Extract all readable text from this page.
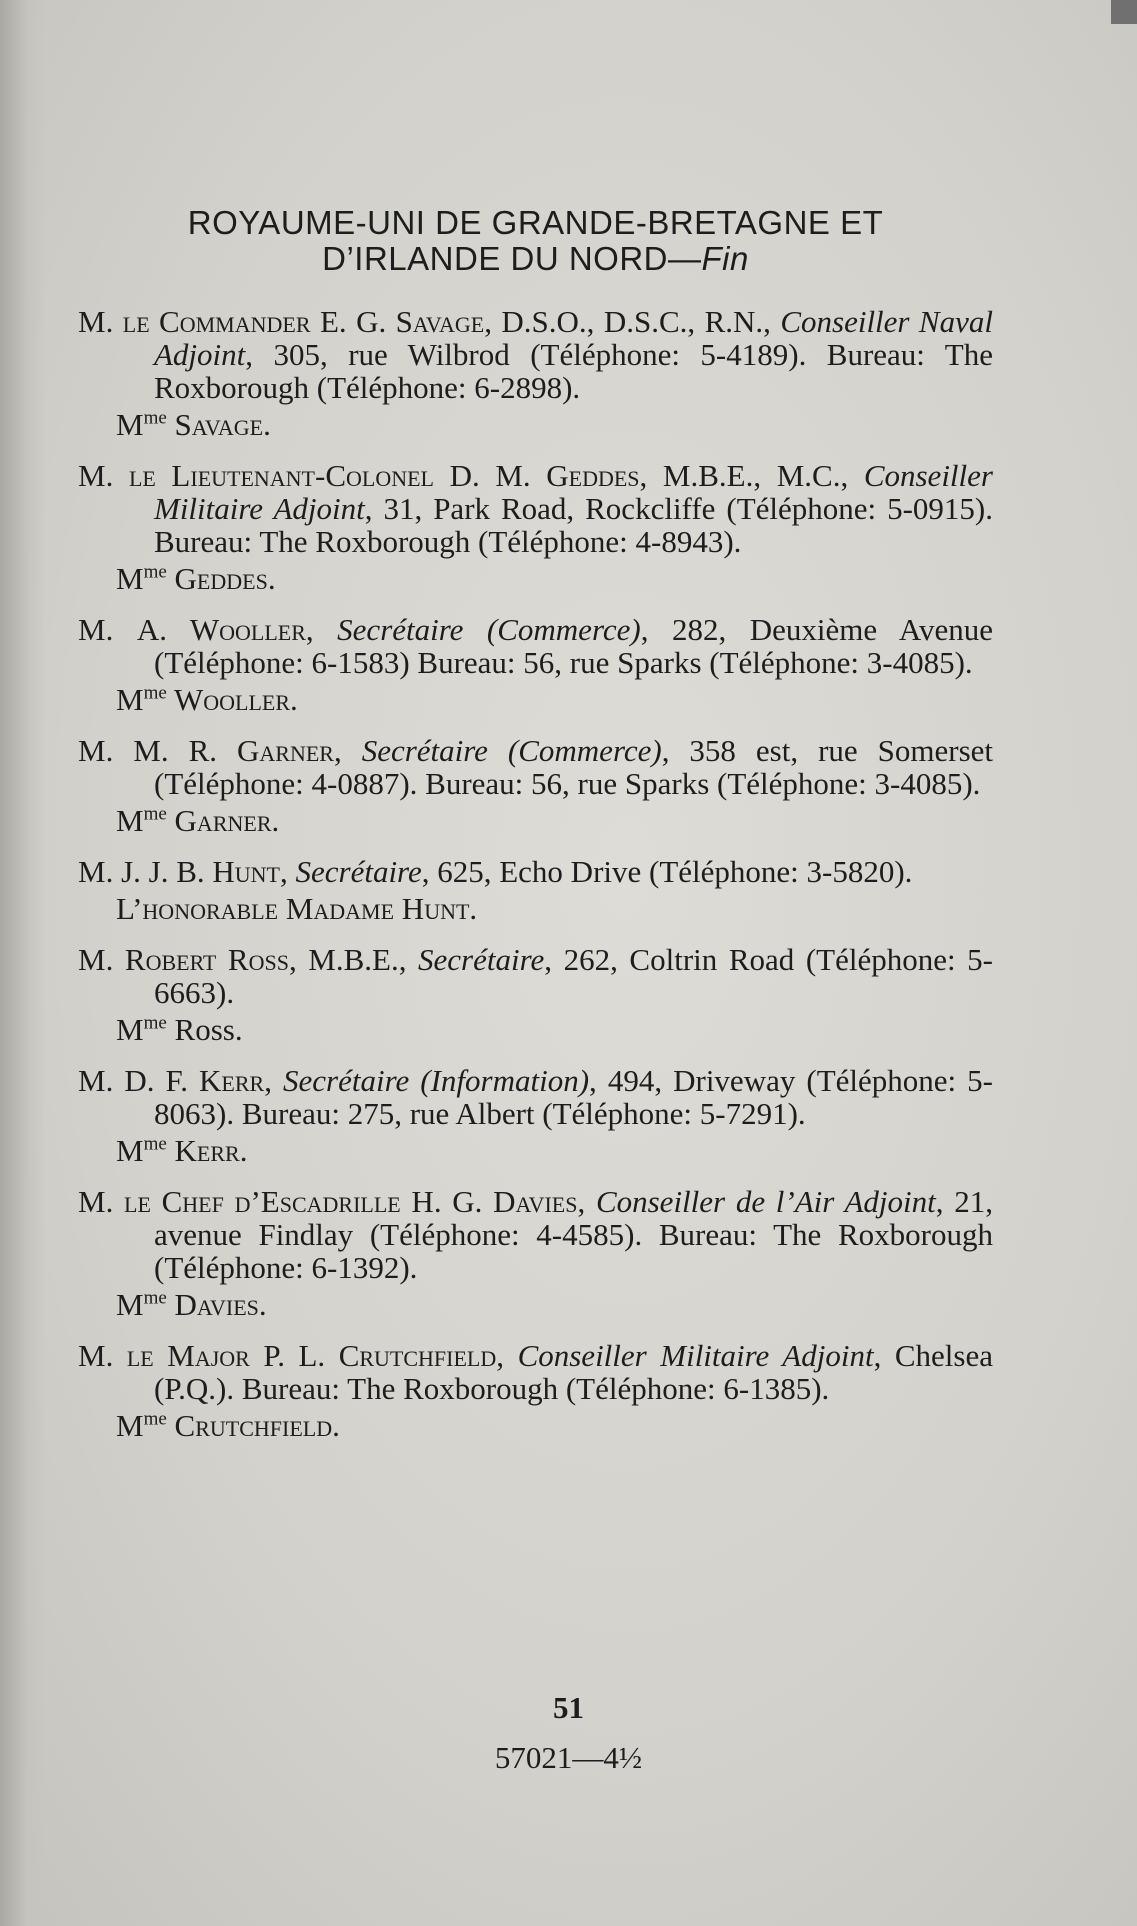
ROYAUME-UNI DE GRANDE-BRETAGNE ET
D’IRLANDE DU NORD—Fin
M. le Commander E. G. Savage, D.S.O., D.S.C., R.N., Conseiller Naval Adjoint, 305, rue Wilbrod (Téléphone: 5-4189). Bureau: The Roxborough (Téléphone: 6-2898).
$M^{me}$ Savage.
M. le Lieutenant-Colonel D. M. Geddes, M.B.E., M.C., Conseiller Militaire Adjoint, 31, Park Road, Rockcliffe (Téléphone: 5-0915). Bureau: The Roxborough (Téléphone: 4-8943).
$M^{me}$ Geddes.
M. A. Wooller, Secrétaire (Commerce), 282, Deuxième Avenue (Téléphone: 6-1583) Bureau: 56, rue Sparks (Téléphone: 3-4085).
$M^{me}$ Wooller.
M. M. R. Garner, Secrétaire (Commerce), 358 est, rue Somerset (Téléphone: 4-0887). Bureau: 56, rue Sparks (Téléphone: 3-4085).
$M^{me}$ Garner.
M. J. J. B. Hunt, Secrétaire, 625, Echo Drive (Téléphone: 3-5820).
L’honorable Madame Hunt.
M. Robert Ross, M.B.E., Secrétaire, 262, Coltrin Road (Téléphone: 5-6663).
$M^{me}$ Ross.
M. D. F. Kerr, Secrétaire (Information), 494, Driveway (Téléphone: 5-8063). Bureau: 275, rue Albert (Téléphone: 5-7291).
$M^{me}$ Kerr.
M. le Chef d’Escadrille H. G. Davies, Conseiller de l’Air Adjoint, 21, avenue Findlay (Téléphone: 4-4585). Bureau: The Roxborough (Téléphone: 6-1392).
$M^{me}$ Davies.
M. le Major P. L. Crutchfield, Conseiller Militaire Adjoint, Chelsea (P.Q.). Bureau: The Roxborough (Téléphone: 6-1385).
$M^{me}$ Crutchfield.
51
57021—4½
